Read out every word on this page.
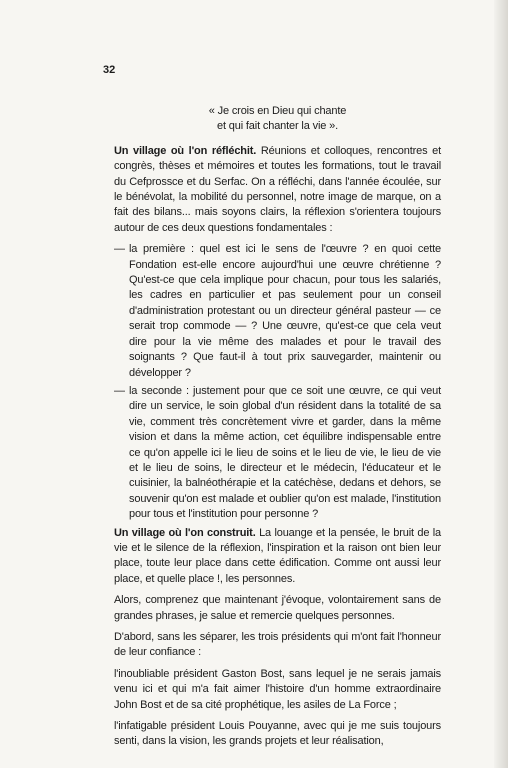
32

« Je crois en Dieu qui chante
et qui fait chanter la vie ».

Un village où l'on réfléchit. Réunions et colloques, rencontres et congrès, thèses et mémoires et toutes les formations, tout le travail du Cefprossce et du Serfac. On a réfléchi, dans l'année écoulée, sur le bénévolat, la mobilité du personnel, notre image de marque, on a fait des bilans... mais soyons clairs, la réflexion s'orientera toujours autour de ces deux questions fondamentales :

— la première : quel est ici le sens de l'œuvre ? en quoi cette Fondation est-elle encore aujourd'hui une œuvre chrétienne ? Qu'est-ce que cela implique pour chacun, pour tous les salariés, les cadres en particulier et pas seulement pour un conseil d'administration protestant ou un directeur général pasteur — ce serait trop commode — ? Une œuvre, qu'est-ce que cela veut dire pour la vie même des malades et pour le travail des soignants ? Que faut-il à tout prix sauvegarder, maintenir ou développer ?

— la seconde : justement pour que ce soit une œuvre, ce qui veut dire un service, le soin global d'un résident dans la totalité de sa vie, comment très concrètement vivre et garder, dans la même vision et dans la même action, cet équilibre indispensable entre ce qu'on appelle ici le lieu de soins et le lieu de vie, le lieu de vie et le lieu de soins, le directeur et le médecin, l'éducateur et le cuisinier, la balnéothérapie et la catéchèse, dedans et dehors, se souvenir qu'on est malade et oublier qu'on est malade, l'institution pour tous et l'institution pour personne ?

Un village où l'on construit. La louange et la pensée, le bruit de la vie et le silence de la réflexion, l'inspiration et la raison ont bien leur place, toute leur place dans cette édification. Comme ont aussi leur place, et quelle place !, les personnes.

Alors, comprenez que maintenant j'évoque, volontairement sans de grandes phrases, je salue et remercie quelques personnes.

D'abord, sans les séparer, les trois présidents qui m'ont fait l'honneur de leur confiance :

l'inoubliable président Gaston Bost, sans lequel je ne serais jamais venu ici et qui m'a fait aimer l'histoire d'un homme extraordinaire John Bost et de sa cité prophétique, les asiles de La Force ;

l'infatigable président Louis Pouyanne, avec qui je me suis toujours senti, dans la vision, les grands projets et leur réalisation,
